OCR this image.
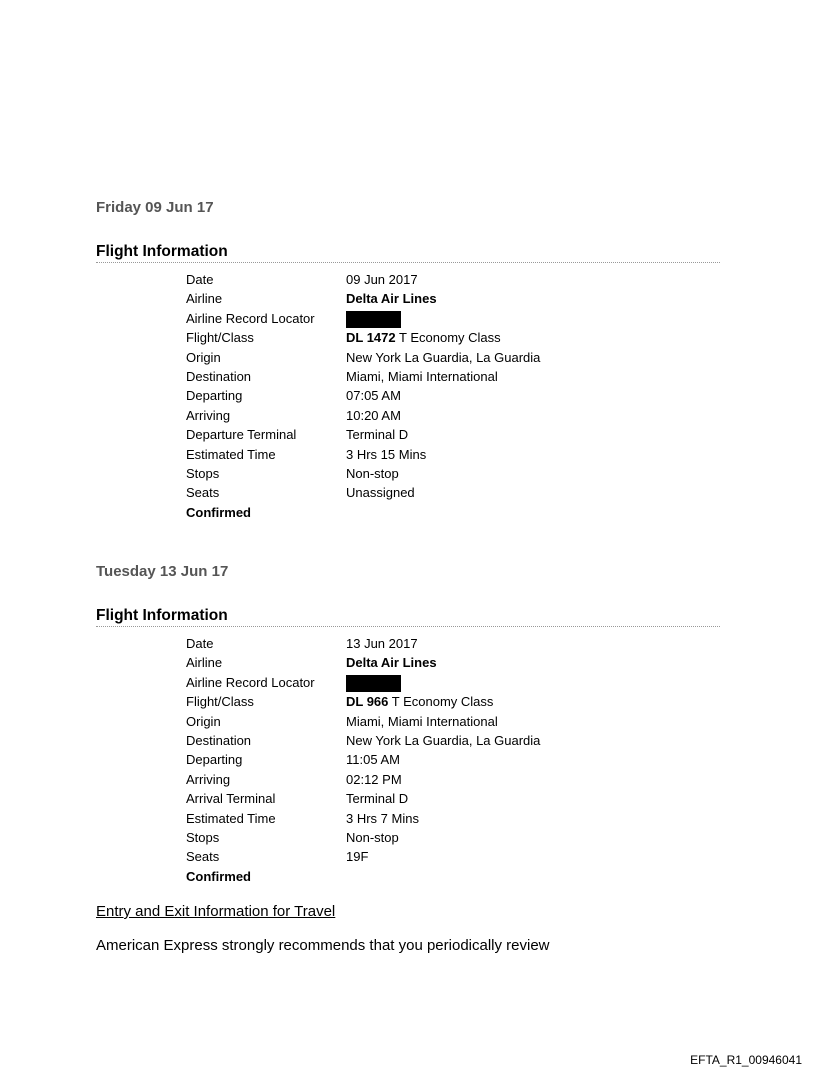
Friday 09 Jun 17
Flight Information
Date	09 Jun 2017
Airline	Delta Air Lines
Airline Record Locator
Flight/Class	DL 1472 T Economy Class
Origin	New York La Guardia, La Guardia
Destination	Miami, Miami International
Departing	07:05 AM
Arriving	10:20 AM
Departure Terminal	Terminal D
Estimated Time	3 Hrs 15 Mins
Stops	Non-stop
Seats	Unassigned
Confirmed
Tuesday 13 Jun 17
Flight Information
Date	13 Jun 2017
Airline	Delta Air Lines
Airline Record Locator
Flight/Class	DL 966 T Economy Class
Origin	Miami, Miami International
Destination	New York La Guardia, La Guardia
Departing	11:05 AM
Arriving	02:12 PM
Arrival Terminal	Terminal D
Estimated Time	3 Hrs 7 Mins
Stops	Non-stop
Seats	19F
Confirmed
Entry and Exit Information for Travel
American Express strongly recommends that you periodically review
EFTA_R1_00946041
